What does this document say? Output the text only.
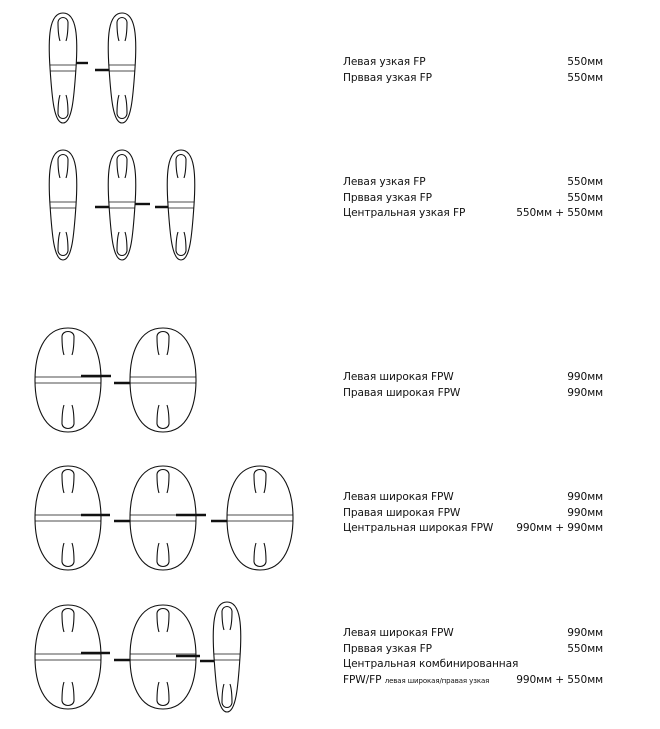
Левая узкая FP	550мм
Прввая узкая FP	550мм
Левая узкая FP	550мм
Прввая узкая FP	550мм
Центральная узкая FP	550мм + 550мм
Левая широкая FPW	990мм
Правая широкая FPW	990мм
Левая широкая FPW	990мм
Правая широкая FPW	990мм
Центральная широкая FPW 990мм + 990мм
Левая широкая FPW	990мм
Прввая узкая FP	550мм
Центральная комбинированная
FPW/FP левая широкая/правая узкая	990мм + 550мм
